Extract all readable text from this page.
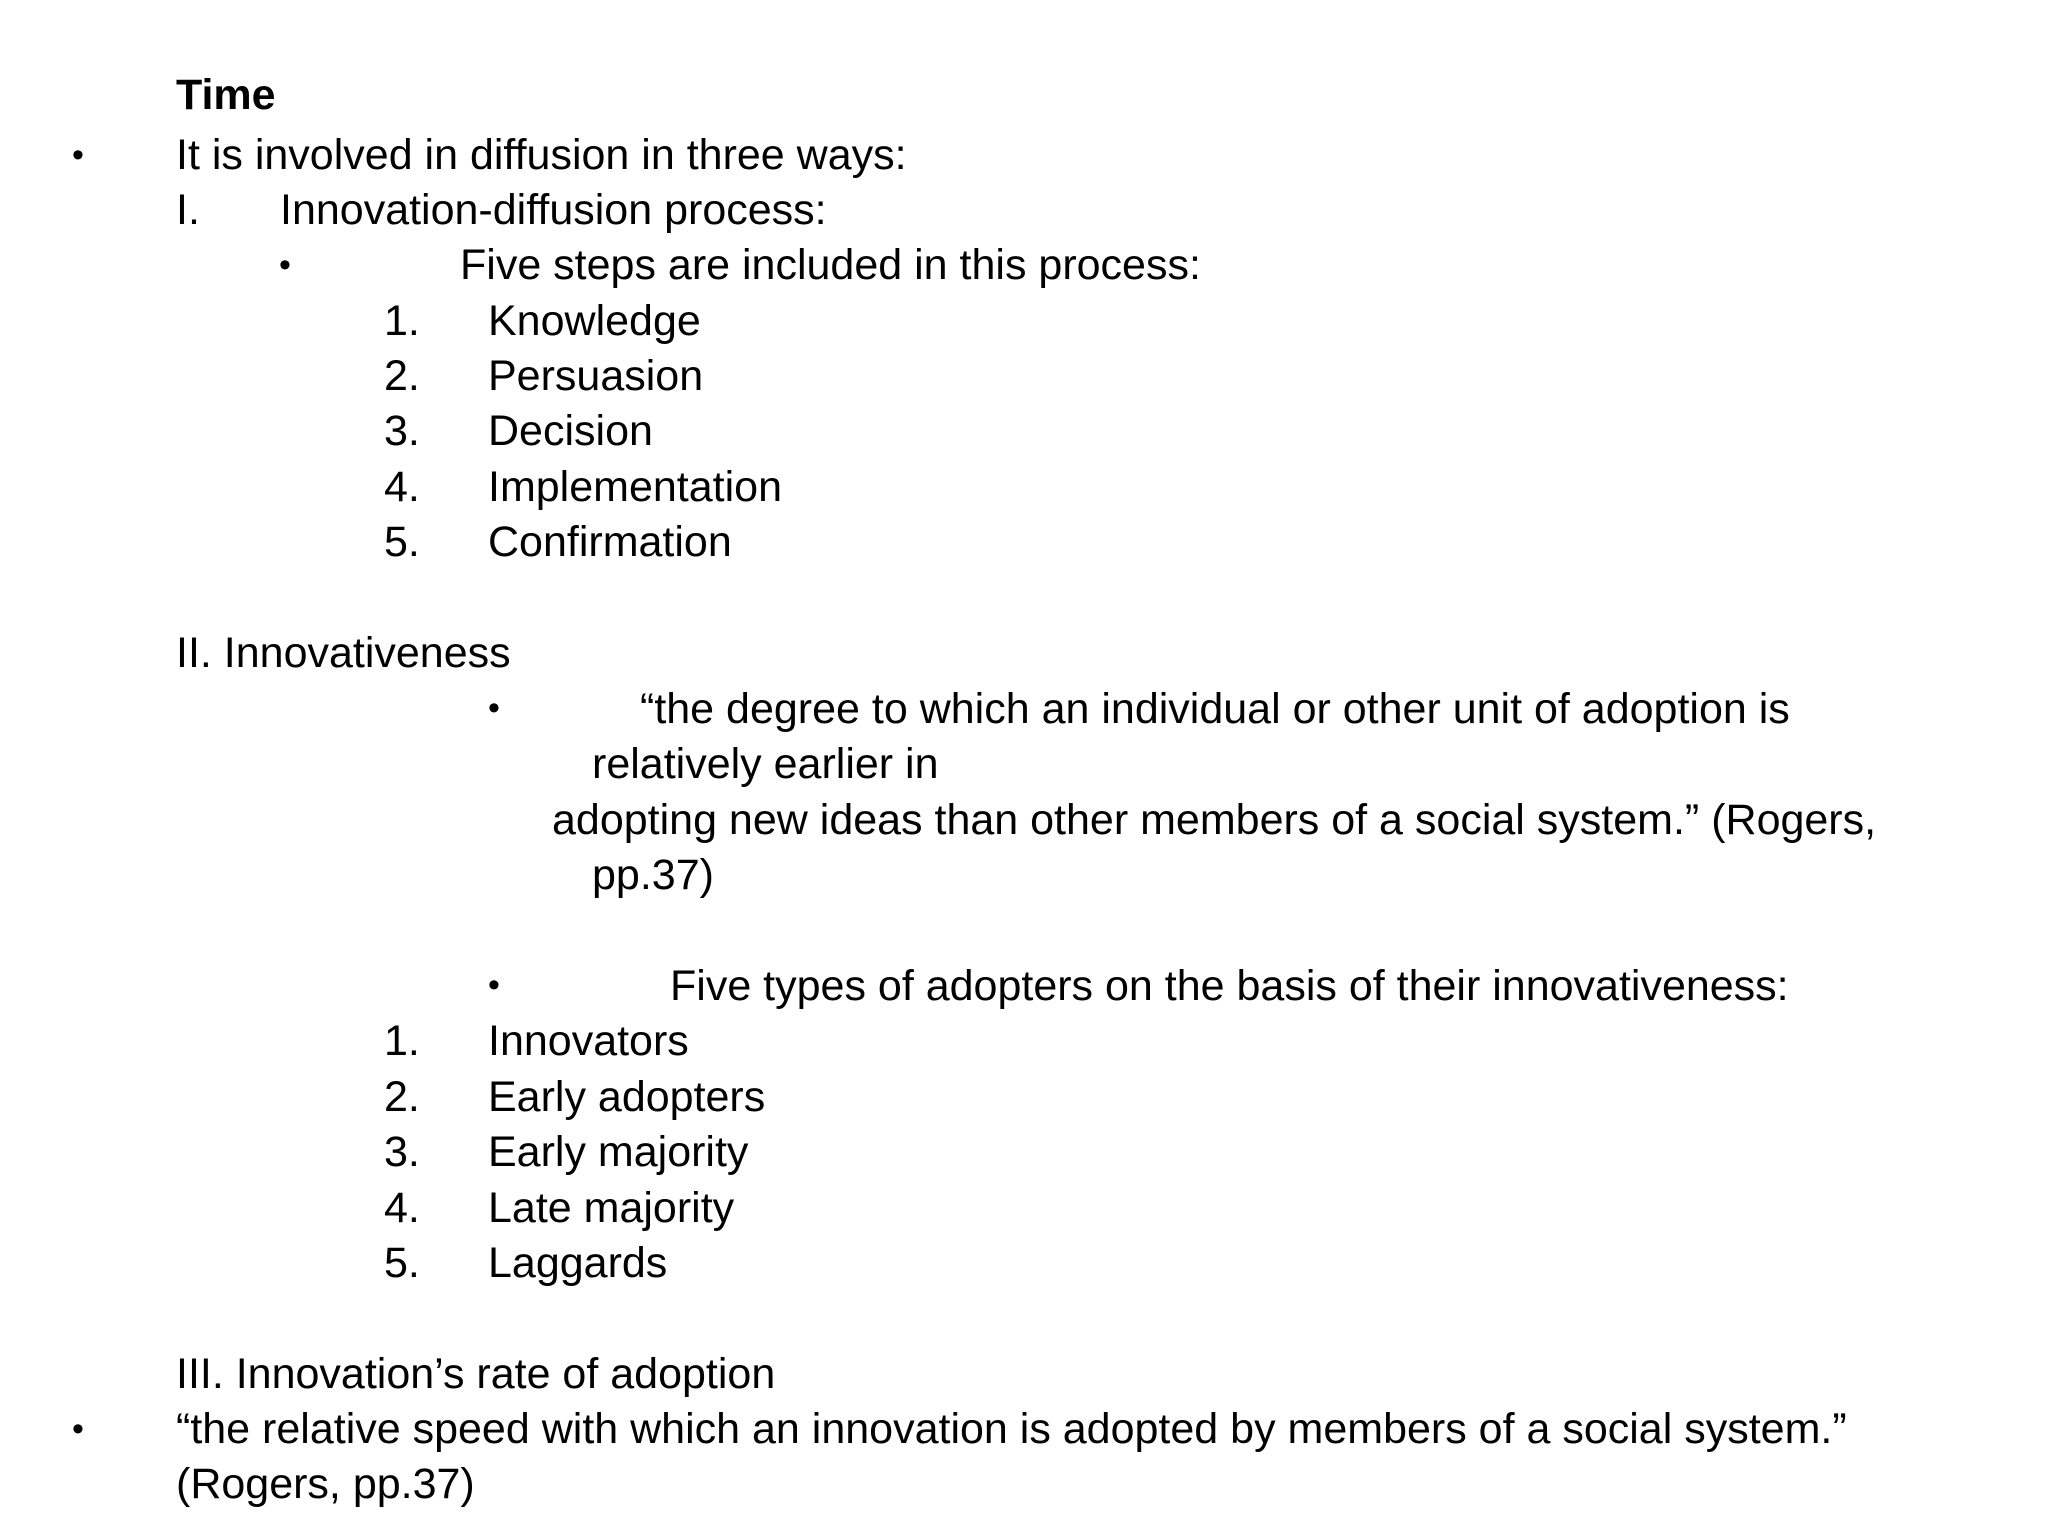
Time
• It is involved in diffusion in three ways:
I. Innovation-diffusion process:
•	Five steps are included in this process:
1. Knowledge
2. Persuasion
3. Decision
4. Implementation
5. Confirmation
II. Innovativeness
•	“the degree to which an individual or other unit of adoption is
relatively earlier in
adopting new ideas than other members of a social system.” (Rogers,
pp.37)
•	Five types of adopters on the basis of their innovativeness:
1. Innovators
2. Early adopters
3. Early majority
4. Late majority
5. Laggards
III. Innovation’s rate of adoption
• “the relative speed with which an innovation is adopted by members of a social system.”
(Rogers, pp.37)
